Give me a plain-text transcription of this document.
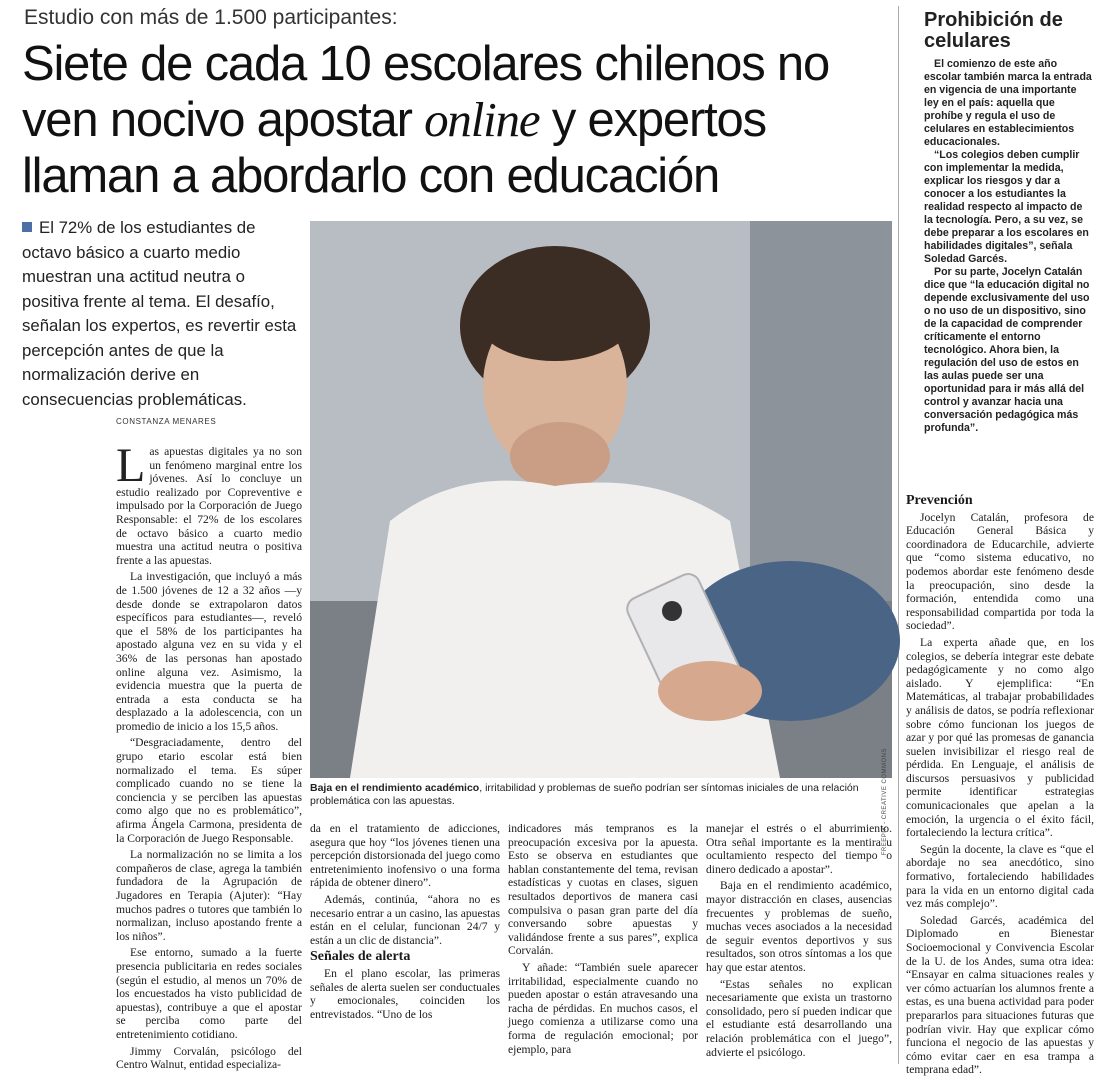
Estudio con más de 1.500 participantes:
Siete de cada 10 escolares chilenos no ven nocivo apostar online y expertos llaman a abordarlo con educación
El 72% de los estudiantes de octavo básico a cuarto medio muestran una actitud neutra o positiva frente al tema. El desafío, señalan los expertos, es revertir esta percepción antes de que la normalización derive en consecuencias problemáticas.
CONSTANZA MENARES

Las apuestas digitales ya no son un fenómeno marginal entre los jóvenes. Así lo concluye un estudio realizado por Copreventive e impulsado por la Corporación de Juego Responsable: el 72% de los escolares de octavo básico a cuarto medio muestra una actitud neutra o positiva frente a las apuestas.

La investigación, que incluyó a más de 1.500 jóvenes de 12 a 32 años —y desde donde se extrapolaron datos específicos para estudiantes—, reveló que el 58% de los participantes ha apostado alguna vez en su vida y el 36% de las personas han apostado online alguna vez. Asimismo, la evidencia muestra que la puerta de entrada a esta conducta se ha desplazado a la adolescencia, con un promedio de inicio a los 15,5 años.

“Desgraciadamente, dentro del grupo etario escolar está bien normalizado el tema. Es súper complicado cuando no se tiene la conciencia y se perciben las apuestas como algo que no es problemático”, afirma Ángela Carmona, presidenta de la Corporación de Juego Responsable.

La normalización no se limita a los compañeros de clase, agrega la también fundadora de la Agrupación de Jugadores en Terapia (Ajuter): “Hay muchos padres o tutores que también lo normalizan, incluso apostando frente a los niños”.

Ese entorno, sumado a la fuerte presencia publicitaria en redes sociales (según el estudio, al menos un 70% de los encuestados ha visto publicidad de apuestas), contribuye a que el apostar se perciba como parte del entretenimiento cotidiano.

Jimmy Corvalán, psicólogo del Centro Walnut, entidad especializa-

FREEPIK - CREATIVE COMMONS
Baja en el rendimiento académico, irritabilidad y problemas de sueño podrían ser síntomas iniciales de una relación problemática con las apuestas.

da en el tratamiento de adicciones, asegura que hoy “los jóvenes tienen una percepción distorsionada del juego como entretenimiento inofensivo o una forma rápida de obtener dinero”.

Además, continúa, “ahora no es necesario entrar a un casino, las apuestas están en el celular, funcionan 24/7 y están a un clic de distancia”.

Señales de alerta

En el plano escolar, las primeras señales de alerta suelen ser conductuales y emocionales, coinciden los entrevistados. “Uno de los

indicadores más tempranos es la preocupación excesiva por la apuesta. Esto se observa en estudiantes que hablan constantemente del tema, revisan estadísticas y cuotas en clases, siguen resultados deportivos de manera casi compulsiva o pasan gran parte del día conversando sobre apuestas y validándose frente a sus pares”, explica Corvalán.

Y añade: “También suele aparecer irritabilidad, especialmente cuando no pueden apostar o están atravesando una racha de pérdidas. En muchos casos, el juego comienza a utilizarse como una forma de regulación emocional; por ejemplo, para

manejar el estrés o el aburrimiento. Otra señal importante es la mentira u ocultamiento respecto del tiempo o dinero dedicado a apostar”.

Baja en el rendimiento académico, mayor distracción en clases, ausencias frecuentes y problemas de sueño, muchas veces asociados a la necesidad de seguir eventos deportivos y sus resultados, son otros síntomas a los que hay que estar atentos.

“Estas señales no explican necesariamente que exista un trastorno consolidado, pero sí pueden indicar que el estudiante está desarrollando una relación problemática con el juego”, advierte el psicólogo.

Prohibición de celulares

El comienzo de este año escolar también marca la entrada en vigencia de una importante ley en el país: aquella que prohíbe y regula el uso de celulares en establecimientos educacionales.

“Los colegios deben cumplir con implementar la medida, explicar los riesgos y dar a conocer a los estudiantes la realidad respecto al impacto de la tecnología. Pero, a su vez, se debe preparar a los escolares en habilidades digitales”, señala Soledad Garcés.

Por su parte, Jocelyn Catalán dice que “la educación digital no depende exclusivamente del uso o no uso de un dispositivo, sino de la capacidad de comprender críticamente el entorno tecnológico. Ahora bien, la regulación del uso de estos en las aulas puede ser una oportunidad para ir más allá del control y avanzar hacia una conversación pedagógica más profunda”.

Prevención

Jocelyn Catalán, profesora de Educación General Básica y coordinadora de Educarchile, advierte que “como sistema educativo, no podemos abordar este fenómeno desde la preocupación, sino desde la formación, entendida como una responsabilidad compartida por toda la sociedad”.

La experta añade que, en los colegios, se debería integrar este debate pedagógicamente y no como algo aislado. Y ejemplifica: “En Matemáticas, al trabajar probabilidades y análisis de datos, se podría reflexionar sobre cómo funcionan los juegos de azar y por qué las promesas de ganancia suelen invisibilizar el riesgo real de pérdida. En Lenguaje, el análisis de discursos persuasivos y publicidad permite identificar estrategias comunicacionales que apelan a la emoción, la urgencia o el éxito fácil, fortaleciendo la lectura crítica”.

Según la docente, la clave es “que el abordaje no sea anecdótico, sino formativo, fortaleciendo habilidades para la vida en un entorno digital cada vez más complejo”.

Soledad Garcés, académica del Diplomado en Bienestar Socioemocional y Convivencia Escolar de la U. de los Andes, suma otra idea: “Ensayar en calma situaciones reales y ver cómo actuarían los alumnos frente a estas, es una buena actividad para poder prepararlos para situaciones futuras que podrían vivir. Hay que explicar cómo funciona el negocio de las apuestas y cómo evitar caer en esa trampa a temprana edad”.
